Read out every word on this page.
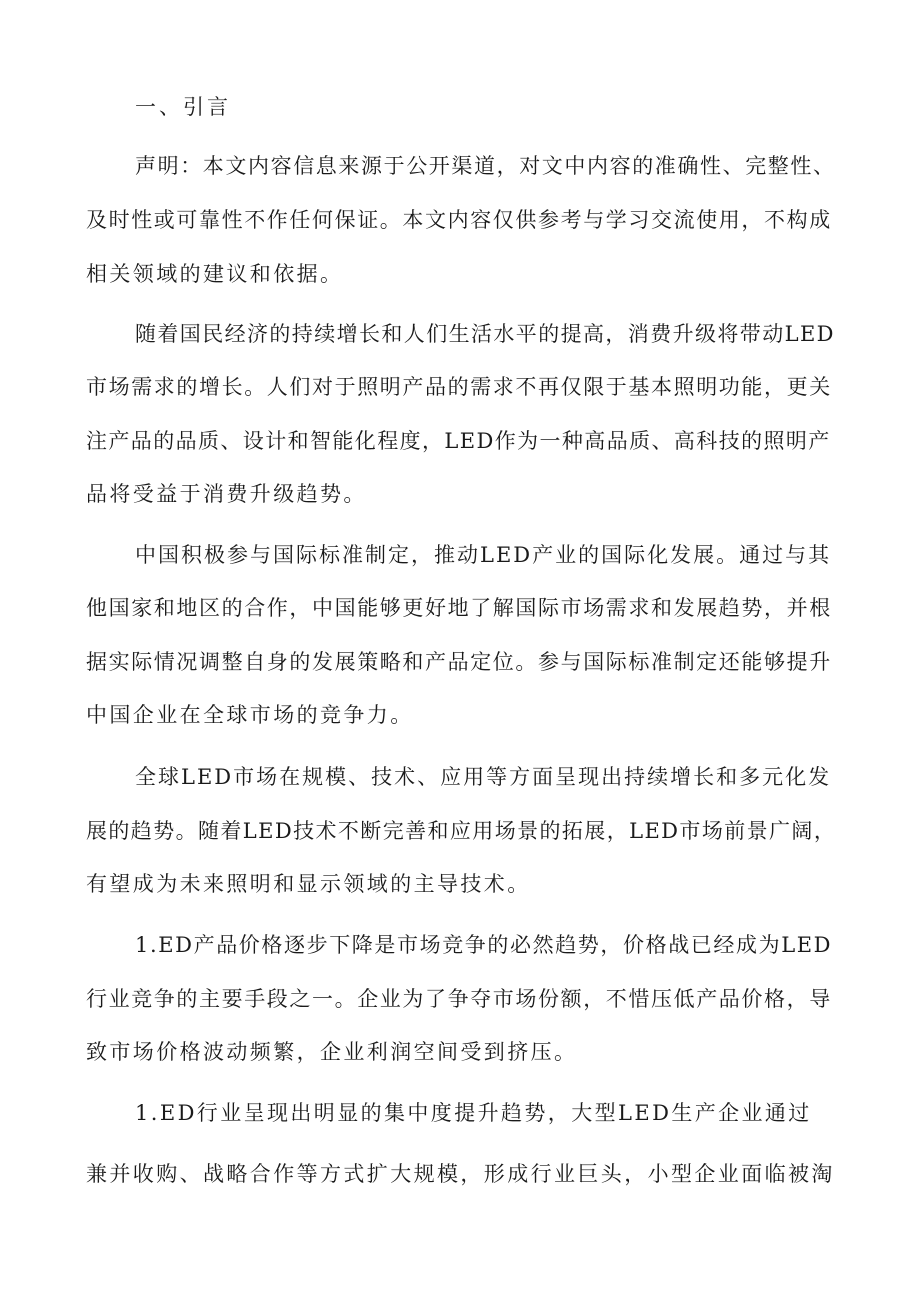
一、引言
声明：本文内容信息来源于公开渠道，对文中内容的准确性、完整性、
及时性或可靠性不作任何保证。本文内容仅供参考与学习交流使用，不构成
相关领域的建议和依据。
随着国民经济的持续增长和人们生活水平的提高，消费升级将带动LED
市场需求的增长。人们对于照明产品的需求不再仅限于基本照明功能，更关
注产品的品质、设计和智能化程度，LED作为一种高品质、高科技的照明产
品将受益于消费升级趋势。
中国积极参与国际标准制定，推动LED产业的国际化发展。通过与其
他国家和地区的合作，中国能够更好地了解国际市场需求和发展趋势，并根
据实际情况调整自身的发展策略和产品定位。参与国际标准制定还能够提升
中国企业在全球市场的竞争力。
全球LED市场在规模、技术、应用等方面呈现出持续增长和多元化发
展的趋势。随着LED技术不断完善和应用场景的拓展，LED市场前景广阔，
有望成为未来照明和显示领域的主导技术。
1.ED产品价格逐步下降是市场竞争的必然趋势，价格战已经成为LED
行业竞争的主要手段之一。企业为了争夺市场份额，不惜压低产品价格，导
致市场价格波动频繁，企业利润空间受到挤压。
1.ED行业呈现出明显的集中度提升趋势，大型LED生产企业通过
兼并收购、战略合作等方式扩大规模，形成行业巨头，小型企业面临被淘
